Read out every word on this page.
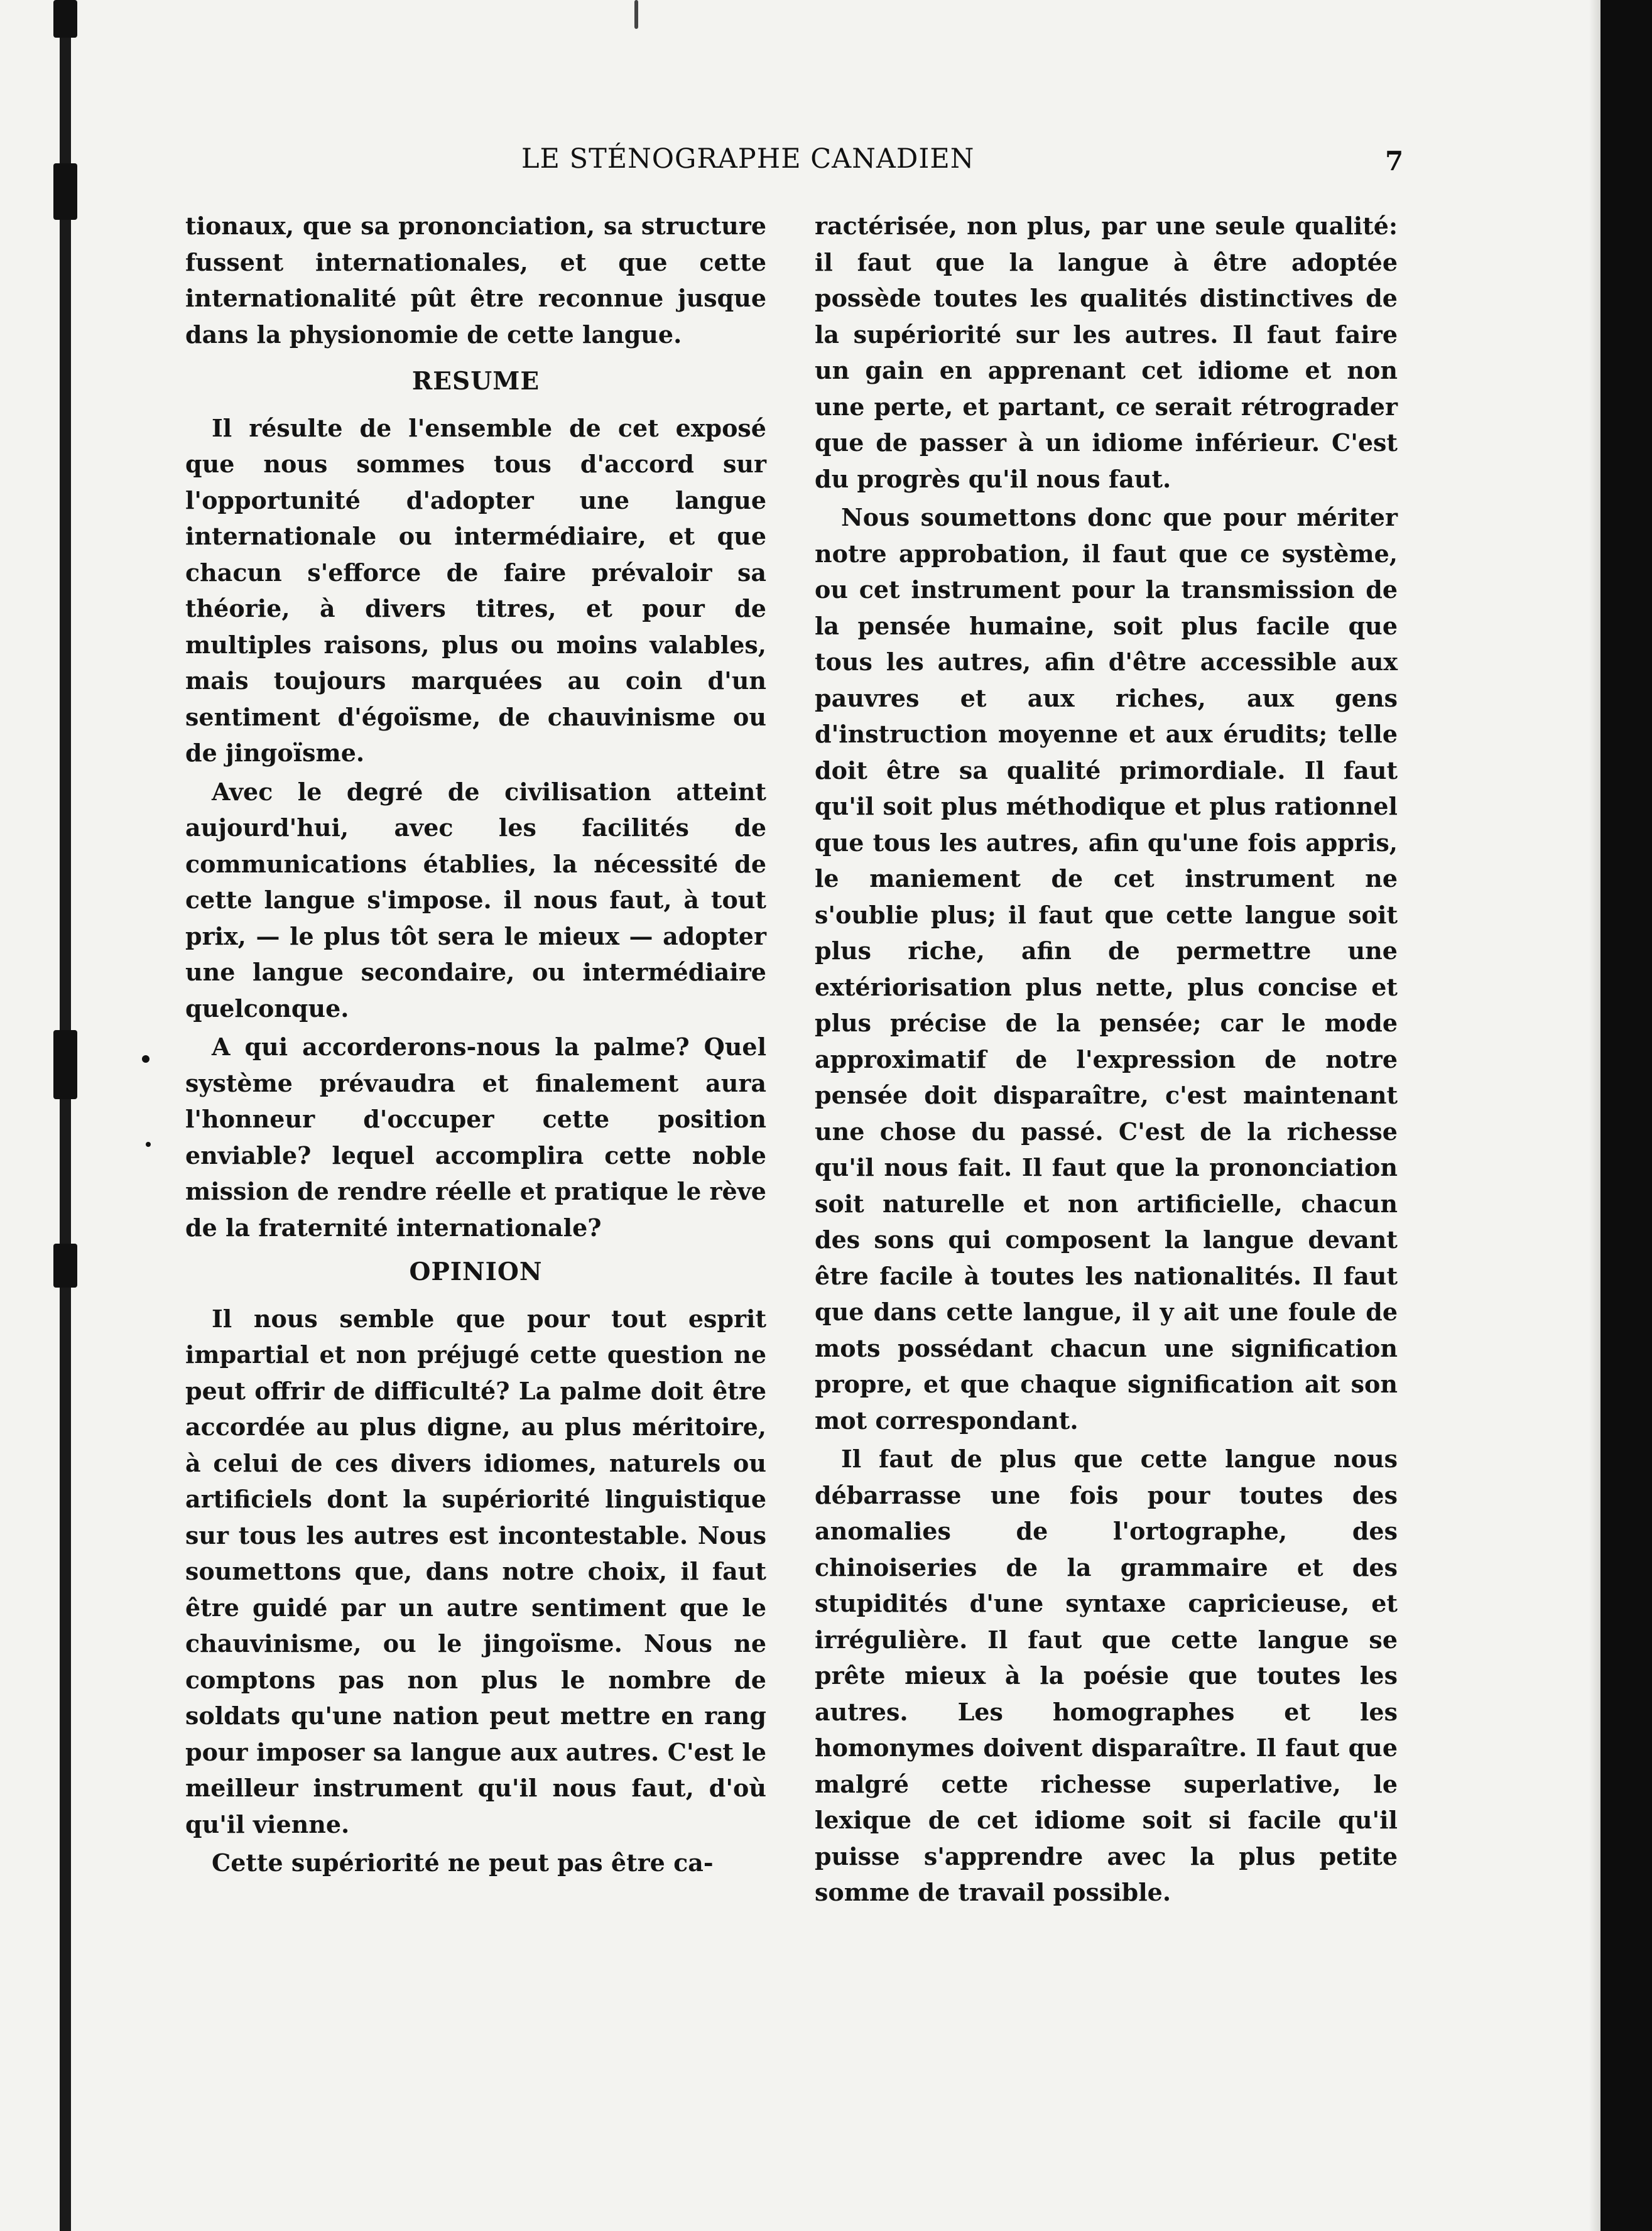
LE STÉNOGRAPHE CANADIEN	7

tionaux, que sa prononciation, sa structure fussent internationales, et que cette internationalité pût être reconnue jusque dans la physionomie de cette langue.

RESUME

Il résulte de l'ensemble de cet exposé que nous sommes tous d'accord sur l'opportunité d'adopter une langue internationale ou intermédiaire, et que chacun s'efforce de faire prévaloir sa théorie, à divers titres, et pour de multiples raisons, plus ou moins valables, mais toujours marquées au coin d'un sentiment d'égoïsme, de chauvinisme ou de jingoïsme.

Avec le degré de civilisation atteint aujourd'hui, avec les facilités de communications établies, la nécessité de cette langue s'impose. il nous faut, à tout prix, — le plus tôt sera le mieux — adopter une langue secondaire, ou intermédiaire quelconque.

A qui accorderons-nous la palme? Quel système prévaudra et finalement aura l'honneur d'occuper cette position enviable? lequel accomplira cette noble mission de rendre réelle et pratique le rève de la fraternité internationale?

OPINION

Il nous semble que pour tout esprit impartial et non préjugé cette question ne peut offrir de difficulté? La palme doit être accordée au plus digne, au plus méritoire, à celui de ces divers idiomes, naturels ou artificiels dont la supériorité linguistique sur tous les autres est incontestable. Nous soumettons que, dans notre choix, il faut être guidé par un autre sentiment que le chauvinisme, ou le jingoïsme. Nous ne comptons pas non plus le nombre de soldats qu'une nation peut mettre en rang pour imposer sa langue aux autres. C'est le meilleur instrument qu'il nous faut, d'où qu'il vienne.

Cette supériorité ne peut pas être ca-

ractérisée, non plus, par une seule qualité: il faut que la langue à être adoptée possède toutes les qualités distinctives de la supériorité sur les autres. Il faut faire un gain en apprenant cet idiome et non une perte, et partant, ce serait rétrograder que de passer à un idiome inférieur. C'est du progrès qu'il nous faut.

Nous soumettons donc que pour mériter notre approbation, il faut que ce système, ou cet instrument pour la transmission de la pensée humaine, soit plus facile que tous les autres, afin d'être accessible aux pauvres et aux riches, aux gens d'instruction moyenne et aux érudits; telle doit être sa qualité primordiale. Il faut qu'il soit plus méthodique et plus rationnel que tous les autres, afin qu'une fois appris, le maniement de cet instrument ne s'oublie plus; il faut que cette langue soit plus riche, afin de permettre une extériorisation plus nette, plus concise et plus précise de la pensée; car le mode approximatif de l'expression de notre pensée doit disparaître, c'est maintenant une chose du passé. C'est de la richesse qu'il nous fait. Il faut que la prononciation soit naturelle et non artificielle, chacun des sons qui composent la langue devant être facile à toutes les nationalités. Il faut que dans cette langue, il y ait une foule de mots possédant chacun une signification propre, et que chaque signification ait son mot correspondant.

Il faut de plus que cette langue nous débarrasse une fois pour toutes des anomalies de l'ortographe, des chinoiseries de la grammaire et des stupidités d'une syntaxe capricieuse, et irrégulière. Il faut que cette langue se prête mieux à la poésie que toutes les autres. Les homographes et les homonymes doivent disparaître. Il faut que malgré cette richesse superlative, le lexique de cet idiome soit si facile qu'il puisse s'apprendre avec la plus petite somme de travail possible.
